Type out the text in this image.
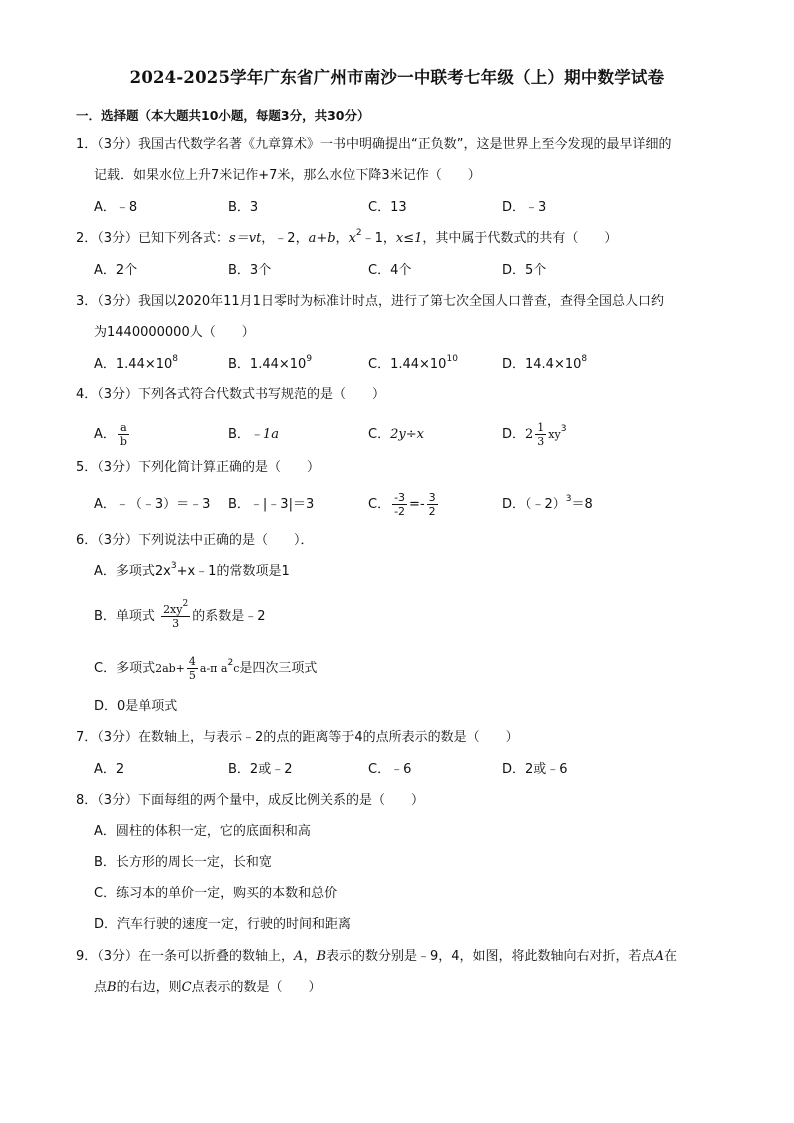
2024-2025学年广东省广州市南沙一中联考七年级（上）期中数学试卷
一．选择题（本大题共10小题，每题3分，共30分）
1．（3分）我国古代数学名著《九章算术》一书中明确提出“正负数”，这是世界上至今发现的最早详细的
记载．如果水位上升7米记作+7米，那么水位下降3米记作（　　）
A．﹣8	B．3	C．13	D．﹣3
2．（3分）已知下列各式：s＝vt，﹣2，a+b，$x^2﹣1$，x≤1，其中属于代数式的共有（　　）
A．2个	B．3个	C．4个	D．5个
3．（3分）我国以2020年11月1日零时为标准计时点，进行了第七次全国人口普查，查得全国总人口约
为1440000000人（　　）
A．$1.44\times 10^8$	B．$1.44\times 10^9$	C．$1.44\times 10^{10}$	D．$14.4\times 10^8$
4．（3分）下列各式符合代数式书写规范的是（　　）
A． $\frac{a}{b}$	B．﹣1a	C．2y÷x	D．$2 \frac{1}{3} xy^3$
5．（3分）下列化简计算正确的是（　　）
A．﹣（﹣3）＝﹣3 B．﹣|﹣3|＝3	C． $\frac{-3}{-2} =- \frac{3}{2}$	D．（﹣2）$^3$＝8
6．（3分）下列说法中正确的是（　　）．
A．多项式$2x^3+x﹣1$的常数项是1
B．单项式 $\frac{2xy^2}{3}$ 的系数是﹣2
C．多项式$2ab+ \frac{4}{5} a-\pi$ $a^2c$是四次三项式
D．0是单项式
7．（3分）在数轴上，与表示﹣2的点的距离等于4的点所表示的数是（　　）
A．2	B．2或﹣2	C．﹣6	D．2或﹣6
8．（3分）下面每组的两个量中，成反比例关系的是（　　）
A．圆柱的体积一定，它的底面积和高
B．长方形的周长一定，长和宽
C．练习本的单价一定，购买的本数和总价
D．汽车行驶的速度一定，行驶的时间和距离
9．（3分）在一条可以折叠的数轴上，A，B表示的数分别是﹣9，4，如图，将此数轴向右对折，若点A在
点B的右边，则C点表示的数是（　　）
